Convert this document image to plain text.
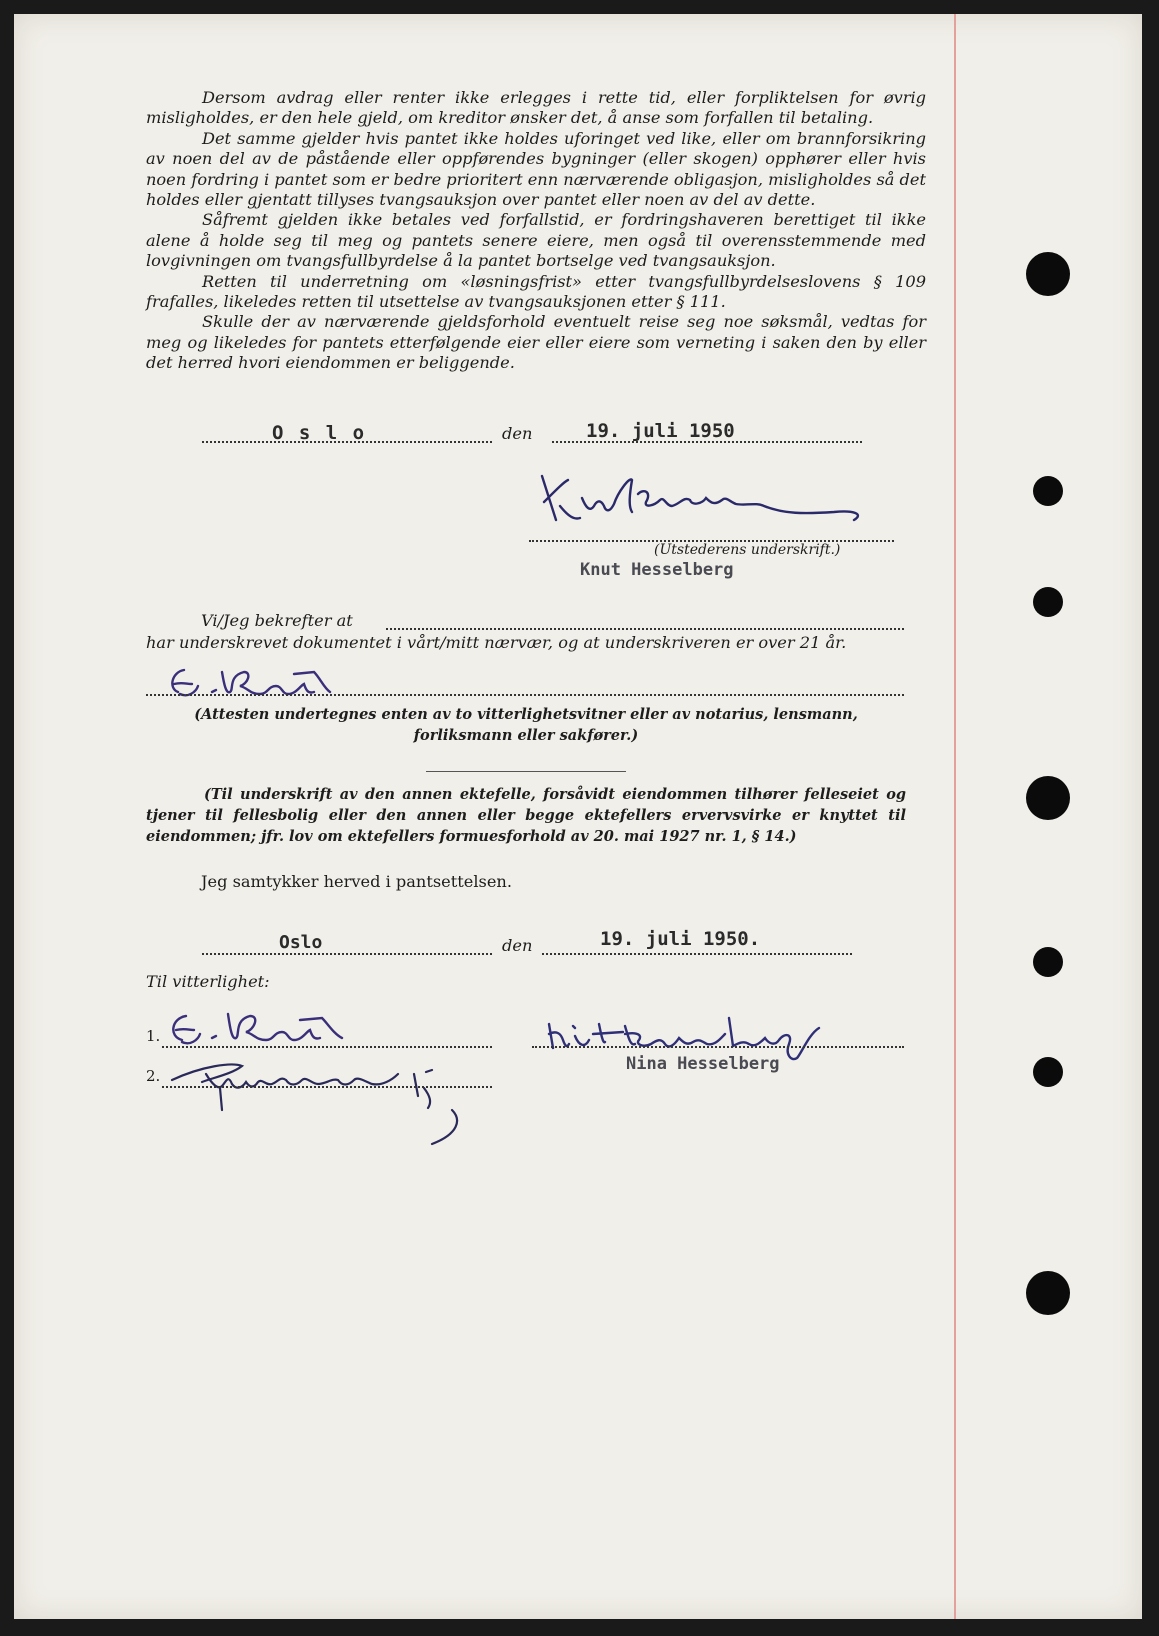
Dersom avdrag eller renter ikke erlegges i rette tid, eller forpliktelsen for øvrig misligholdes, er den hele gjeld, om kreditor ønsker det, å anse som forfallen til betaling.

Det samme gjelder hvis pantet ikke holdes uforinget ved like, eller om brannforsikring av noen del av de påstående eller oppførendes bygninger (eller skogen) opphører eller hvis noen fordring i pantet som er bedre prioritert enn nærværende obligasjon, misligholdes så det holdes eller gjentatt tillyses tvangsauksjon over pantet eller noen av del av dette.

Såfremt gjelden ikke betales ved forfallstid, er fordringshaveren berettiget til ikke alene å holde seg til meg og pantets senere eiere, men også til overensstemmende med lovgivningen om tvangsfullbyrdelse å la pantet bortselge ved tvangsauksjon.

Retten til underretning om «løsningsfrist» etter tvangsfullbyrdelseslovens § 109 frafalles, likeledes retten til utsettelse av tvangsauksjonen etter § 111.

Skulle der av nærværende gjeldsforhold eventuelt reise seg noe søksmål, vedtas for meg og likeledes for pantets etterfølgende eier eller eiere som verneting i saken den by eller det herred hvori eiendommen er beliggende.

O s l o	den	19. juli 1950
(Utstederens underskrift.)
Knut Hesselberg
Vi/Jeg bekrefter at
har underskrevet dokumentet i vårt/mitt nærvær, og at underskriveren er over 21 år.
(Attesten undertegnes enten av to vitterlighetsvitner eller av notarius, lensmann, forliksmann eller sakfører.)
(Til underskrift av den annen ektefelle, forsåvidt eiendommen tilhører felleseiet og tjener til fellesbolig eller den annen eller begge ektefellers ervervsvirke er knyttet til eiendommen; jfr. lov om ektefellers formuesforhold av 20. mai 1927 nr. 1, § 14.)
Jeg samtykker herved i pantsettelsen.
Oslo	den	19. juli 1950.
Til vitterlighet:
1.
2.
Nina Hesselberg
